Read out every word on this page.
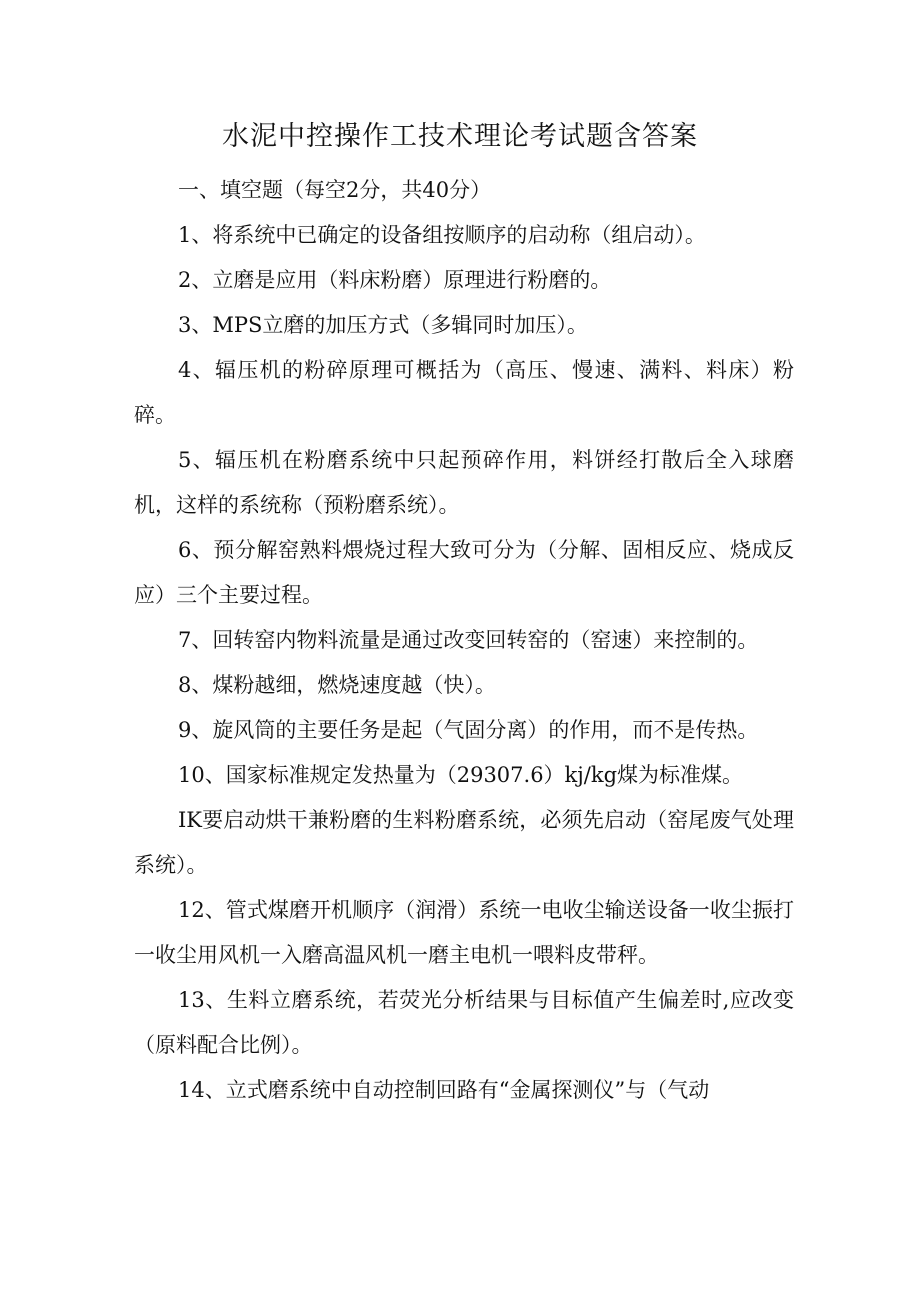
水泥中控操作工技术理论考试题含答案

一、填空题（每空2分，共40分）

1、将系统中已确定的设备组按顺序的启动称（组启动）。

2、立磨是应用（料床粉磨）原理进行粉磨的。

3、MPS立磨的加压方式（多辑同时加压）。

4、辐压机的粉碎原理可概括为（高压、慢速、满料、料床）粉碎。

5、辐压机在粉磨系统中只起预碎作用，料饼经打散后全入球磨机，这样的系统称（预粉磨系统）。

6、预分解窑熟料煨烧过程大致可分为（分解、固相反应、烧成反应）三个主要过程。

7、回转窑内物料流量是通过改变回转窑的（窑速）来控制的。

8、煤粉越细，燃烧速度越（快）。

9、旋风筒的主要任务是起（气固分离）的作用，而不是传热。

10、国家标准规定发热量为（29307.6）kj/kg煤为标准煤。

IK要启动烘干兼粉磨的生料粉磨系统，必须先启动（窑尾废气处理系统）。

12、管式煤磨开机顺序（润滑）系统一电收尘输送设备一收尘振打一收尘用风机一入磨高温风机一磨主电机一喂料皮带秤。

13、生料立磨系统，若荧光分析结果与目标值产生偏差时,应改变（原料配合比例）。

14、立式磨系统中自动控制回路有“金属探测仪”与（气动
